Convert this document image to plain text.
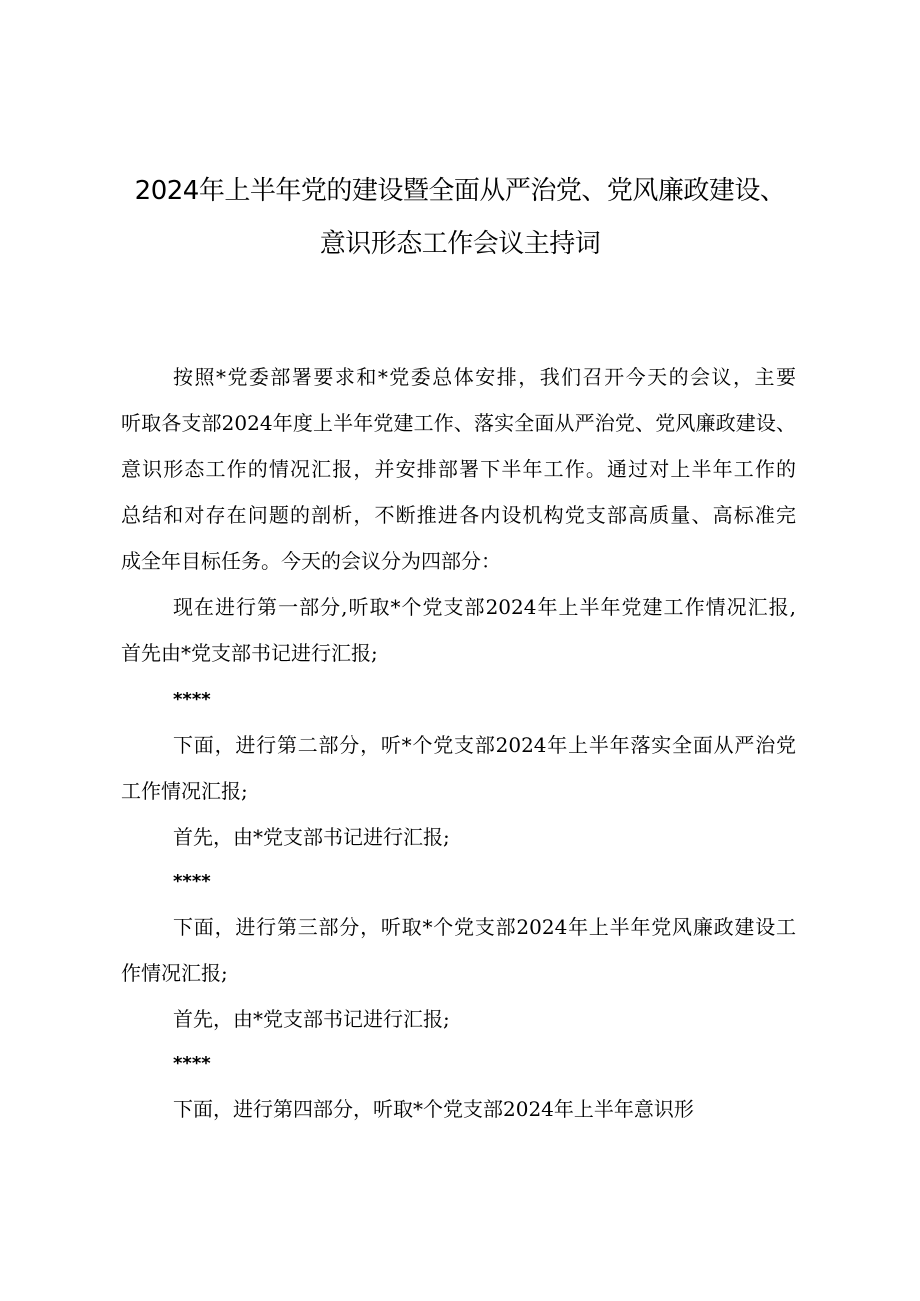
2024年上半年党的建设暨全面从严治党、党风廉政建设、
意识形态工作会议主持词
按照*党委部署要求和*党委总体安排，我们召开今天的会议，主要
听取各支部2024年度上半年党建工作、落实全面从严治党、党风廉政建设、
意识形态工作的情况汇报，并安排部署下半年工作。通过对上半年工作的
总结和对存在问题的剖析，不断推进各内设机构党支部高质量、高标准完
成全年目标任务。今天的会议分为四部分：
现在进行第一部分,听取*个党支部2024年上半年党建工作情况汇报,
首先由*党支部书记进行汇报;
****
下面，进行第二部分，听*个党支部2024年上半年落实全面从严治党
工作情况汇报;
首先，由*党支部书记进行汇报;
****
下面，进行第三部分，听取*个党支部2024年上半年党风廉政建设工
作情况汇报;
首先，由*党支部书记进行汇报;
****
下面，进行第四部分，听取*个党支部2024年上半年意识形
